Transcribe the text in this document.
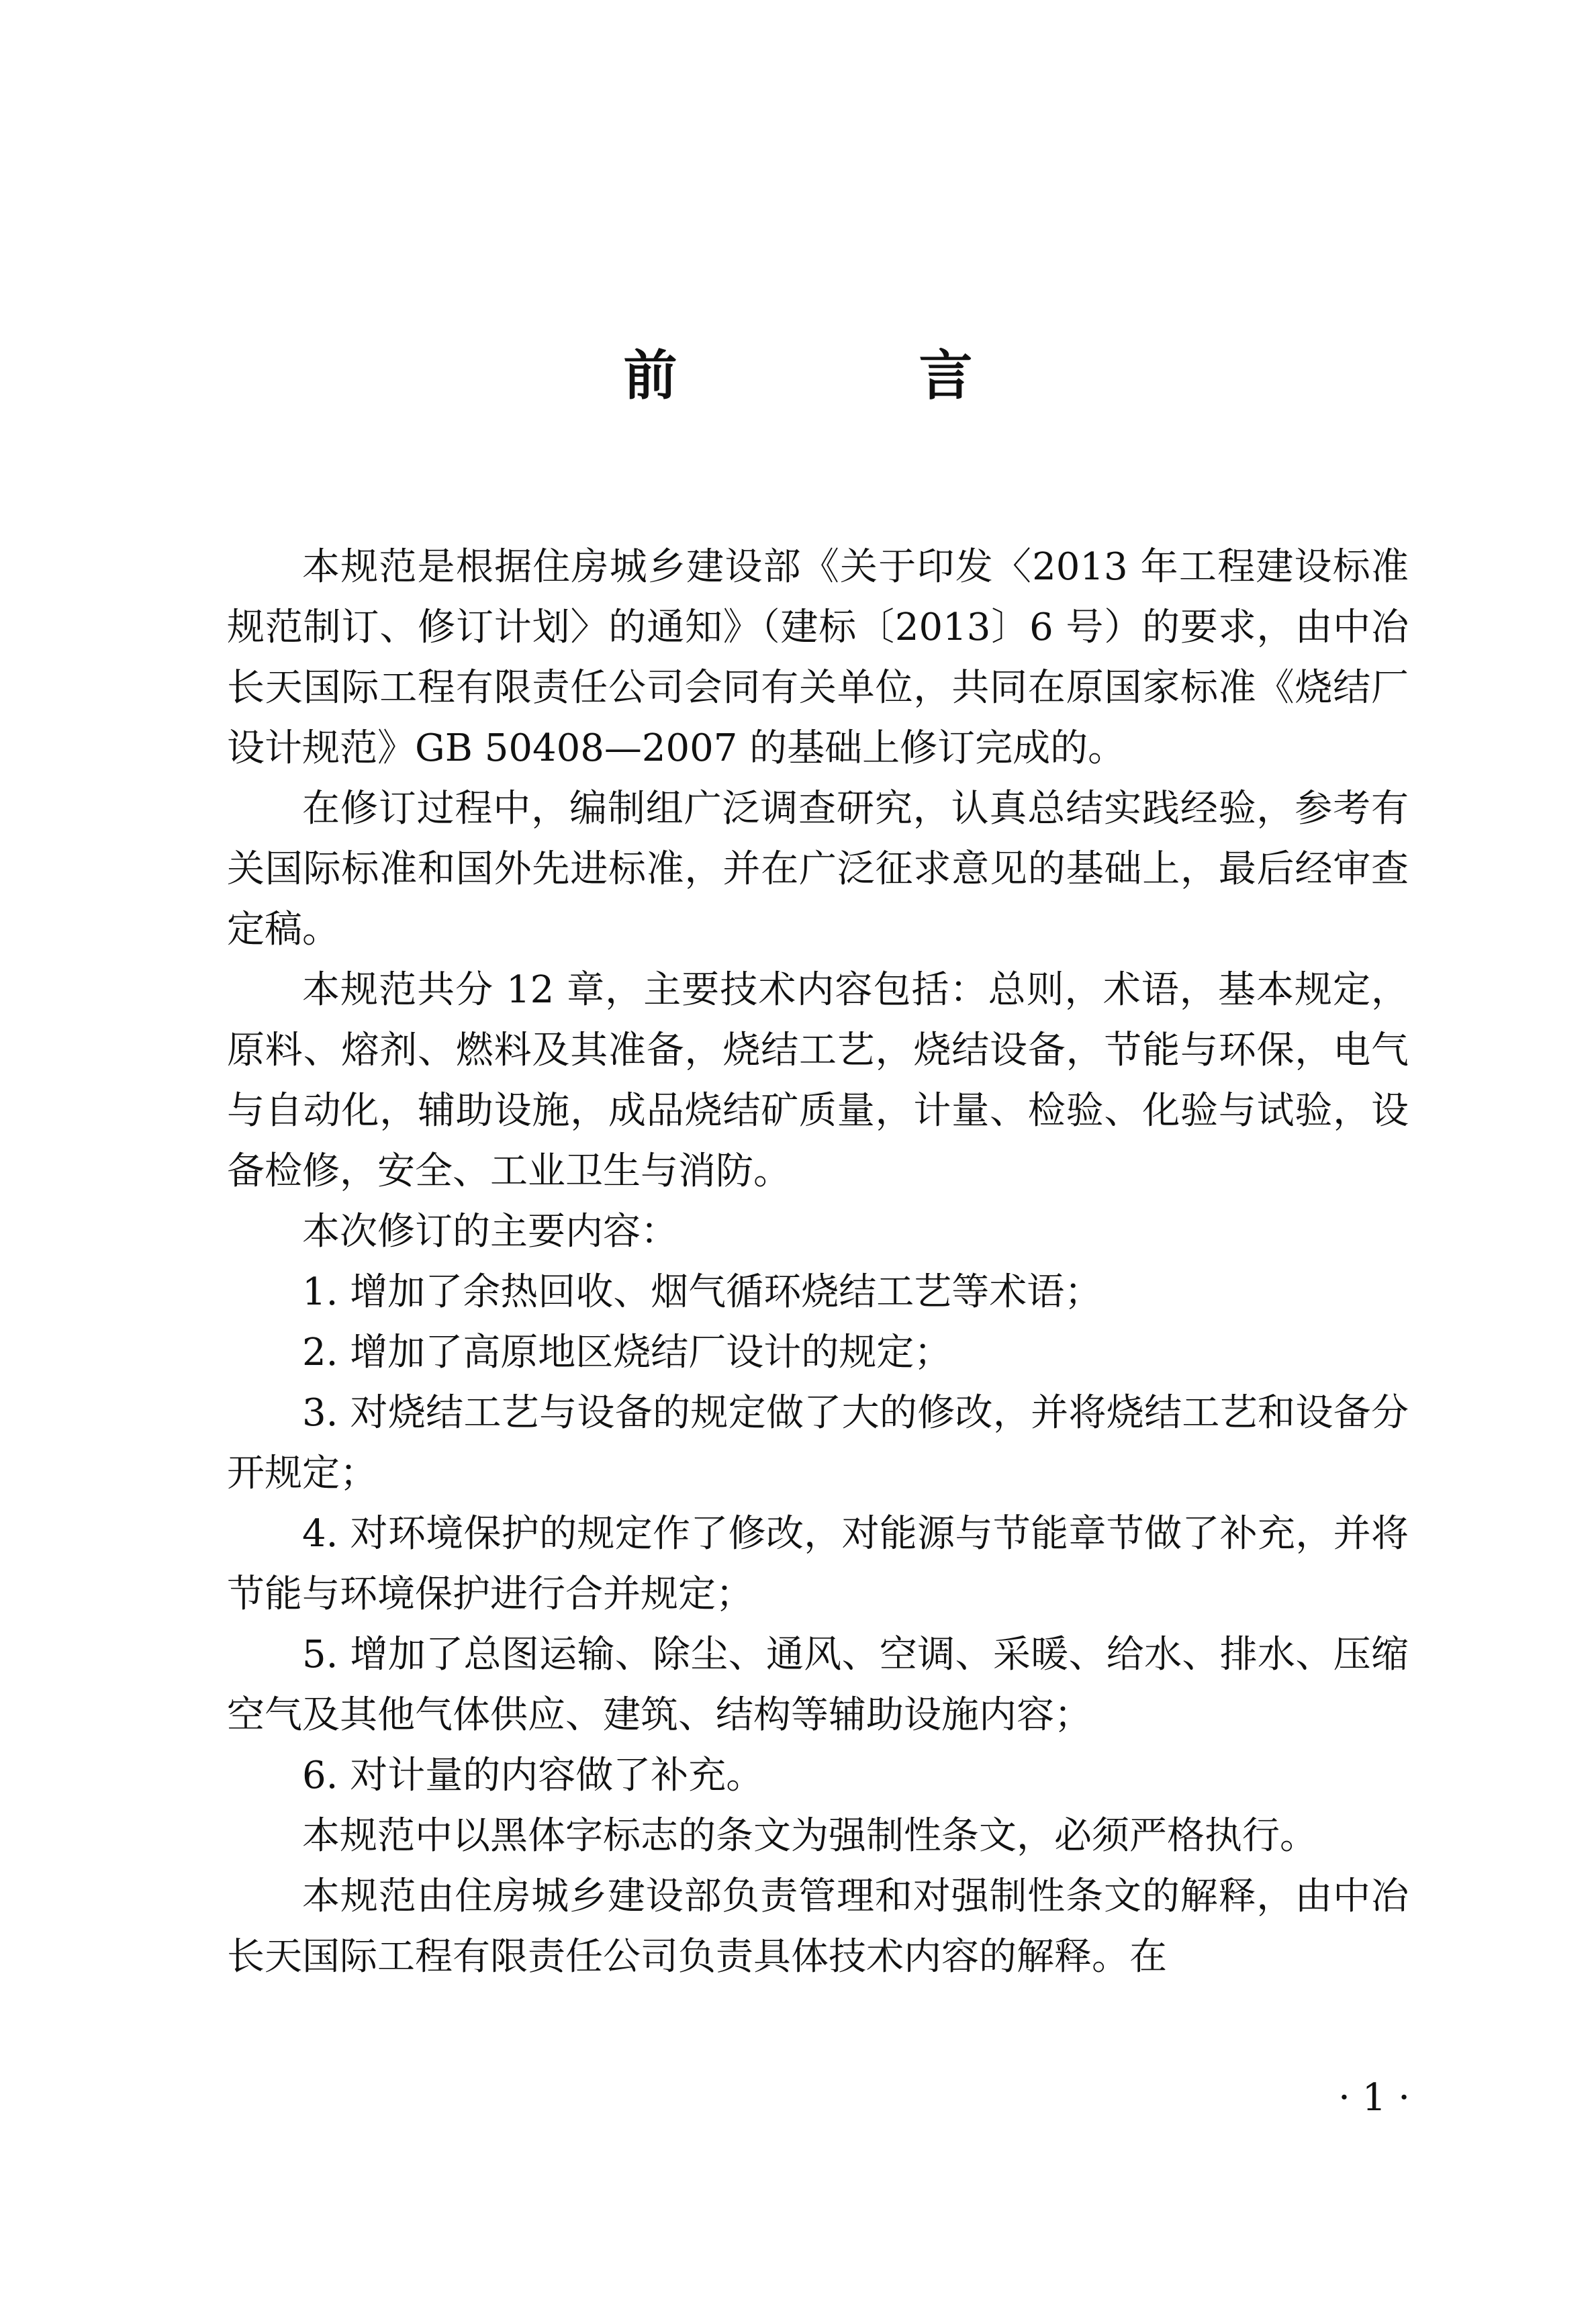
前　言

本规范是根据住房城乡建设部《关于印发〈2013 年工程建设标准规范制订、修订计划〉的通知》（建标〔2013〕6 号）的要求，由中冶长天国际工程有限责任公司会同有关单位，共同在原国家标准《烧结厂设计规范》GB 50408—2007 的基础上修订完成的。

在修订过程中，编制组广泛调查研究，认真总结实践经验，参考有关国际标准和国外先进标准，并在广泛征求意见的基础上，最后经审查定稿。

本规范共分 12 章，主要技术内容包括：总则，术语，基本规定，原料、熔剂、燃料及其准备，烧结工艺，烧结设备，节能与环保，电气与自动化，辅助设施，成品烧结矿质量，计量、检验、化验与试验，设备检修，安全、工业卫生与消防。

本次修订的主要内容：

1. 增加了余热回收、烟气循环烧结工艺等术语；

2. 增加了高原地区烧结厂设计的规定；

3. 对烧结工艺与设备的规定做了大的修改，并将烧结工艺和设备分开规定；

4. 对环境保护的规定作了修改，对能源与节能章节做了补充，并将节能与环境保护进行合并规定；

5. 增加了总图运输、除尘、通风、空调、采暖、给水、排水、压缩空气及其他气体供应、建筑、结构等辅助设施内容；

6. 对计量的内容做了补充。

本规范中以黑体字标志的条文为强制性条文，必须严格执行。

本规范由住房城乡建设部负责管理和对强制性条文的解释，由中冶长天国际工程有限责任公司负责具体技术内容的解释。在

· 1 ·
